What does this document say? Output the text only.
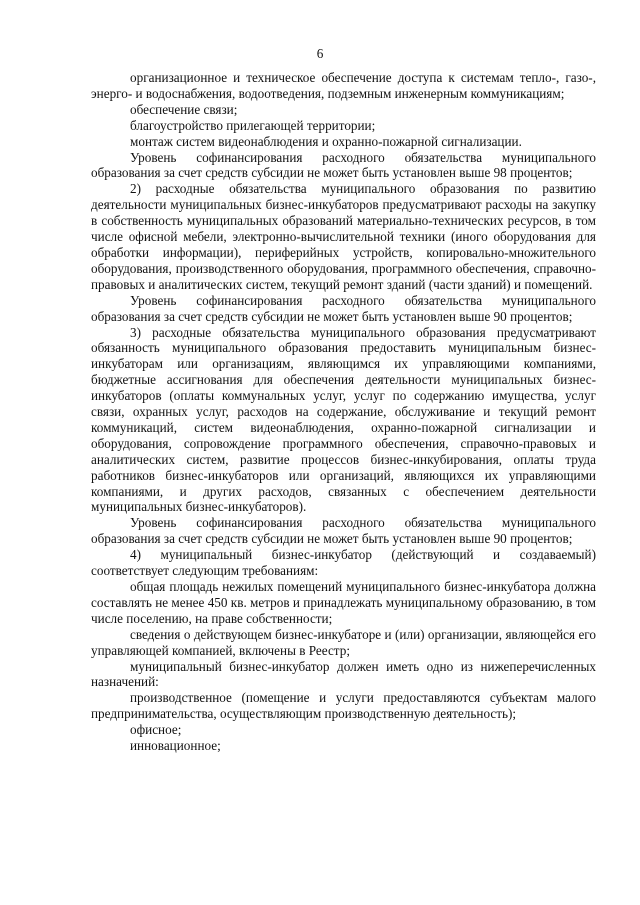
6

организационное и техническое обеспечение доступа к системам тепло-, газо-, энерго- и водоснабжения, водоотведения, подземным инженерным коммуникациям;

обеспечение связи;

благоустройство прилегающей территории;

монтаж систем видеонаблюдения и охранно-пожарной сигнализации.

Уровень софинансирования расходного обязательства муниципального образования за счет средств субсидии не может быть установлен выше 98 процентов;

2) расходные обязательства муниципального образования по развитию деятельности муниципальных бизнес-инкубаторов предусматривают расходы на закупку в собственность муниципальных образований материально-технических ресурсов, в том числе офисной мебели, электронно-вычислительной техники (иного оборудования для обработки информации), периферийных устройств, копировально-множительного оборудования, производственного оборудования, программного обеспечения, справочно-правовых и аналитических систем, текущий ремонт зданий (части зданий) и помещений.

Уровень софинансирования расходного обязательства муниципального образования за счет средств субсидии не может быть установлен выше 90 процентов;

3) расходные обязательства муниципального образования предусматривают обязанность муниципального образования предоставить муниципальным бизнес-инкубаторам или организациям, являющимся их управляющими компаниями, бюджетные ассигнования для обеспечения деятельности муниципальных бизнес-инкубаторов (оплаты коммунальных услуг, услуг по содержанию имущества, услуг связи, охранных услуг, расходов на содержание, обслуживание и текущий ремонт коммуникаций, систем видеонаблюдения, охранно-пожарной сигнализации и оборудования, сопровождение программного обеспечения, справочно-правовых и аналитических систем, развитие процессов бизнес-инкубирования, оплаты труда работников бизнес-инкубаторов или организаций, являющихся их управляющими компаниями, и других расходов, связанных с обеспечением деятельности муниципальных бизнес-инкубаторов).

Уровень софинансирования расходного обязательства муниципального образования за счет средств субсидии не может быть установлен выше 90 процентов;

4) муниципальный бизнес-инкубатор (действующий и создаваемый) соответствует следующим требованиям:

общая площадь нежилых помещений муниципального бизнес-инкубатора должна составлять не менее 450 кв. метров и принадлежать муниципальному образованию, в том числе поселению, на праве собственности;

сведения о действующем бизнес-инкубаторе и (или) организации, являющейся его управляющей компанией, включены в Реестр;

муниципальный бизнес-инкубатор должен иметь одно из нижеперечисленных назначений:

производственное (помещение и услуги предоставляются субъектам малого предпринимательства, осуществляющим производственную деятельность);

офисное;

инновационное;
